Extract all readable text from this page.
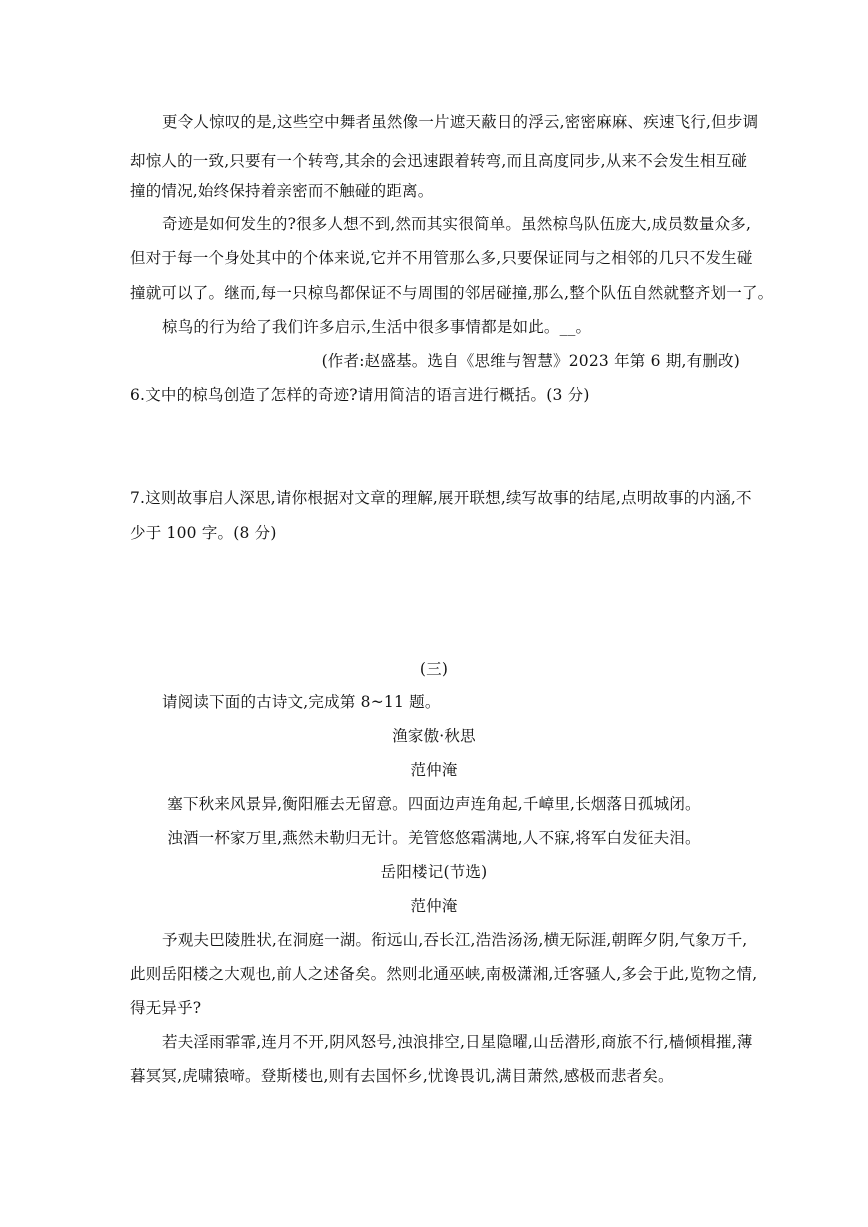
更令人惊叹的是,这些空中舞者虽然像一片遮天蔽日的浮云,密密麻麻、疾速飞行,但步调
却惊人的一致,只要有一个转弯,其余的会迅速跟着转弯,而且高度同步,从来不会发生相互碰
撞的情况,始终保持着亲密而不触碰的距离。
奇迹是如何发生的?很多人想不到,然而其实很简单。虽然椋鸟队伍庞大,成员数量众多,
但对于每一个身处其中的个体来说,它并不用管那么多,只要保证同与之相邻的几只不发生碰
撞就可以了。继而,每一只椋鸟都保证不与周围的邻居碰撞,那么,整个队伍自然就整齐划一了。
椋鸟的行为给了我们许多启示,生活中很多事情都是如此。__。
(作者:赵盛基。选自《思维与智慧》2023 年第 6 期,有删改)
6.文中的椋鸟创造了怎样的奇迹?请用简洁的语言进行概括。(3 分)
7.这则故事启人深思,请你根据对文章的理解,展开联想,续写故事的结尾,点明故事的内涵,不
少于 100 字。(8 分)
(三)
请阅读下面的古诗文,完成第 8~11 题。
渔家傲·秋思
范仲淹
塞下秋来风景异,衡阳雁去无留意。四面边声连角起,千嶂里,长烟落日孤城闭。
浊酒一杯家万里,燕然未勒归无计。羌管悠悠霜满地,人不寐,将军白发征夫泪。
岳阳楼记(节选)
范仲淹
予观夫巴陵胜状,在洞庭一湖。衔远山,吞长江,浩浩汤汤,横无际涯,朝晖夕阴,气象万千,
此则岳阳楼之大观也,前人之述备矣。然则北通巫峡,南极潇湘,迁客骚人,多会于此,览物之情,
得无异乎?
若夫淫雨霏霏,连月不开,阴风怒号,浊浪排空,日星隐曜,山岳潜形,商旅不行,樯倾楫摧,薄
暮冥冥,虎啸猿啼。登斯楼也,则有去国怀乡,忧谗畏讥,满目萧然,感极而悲者矣。
